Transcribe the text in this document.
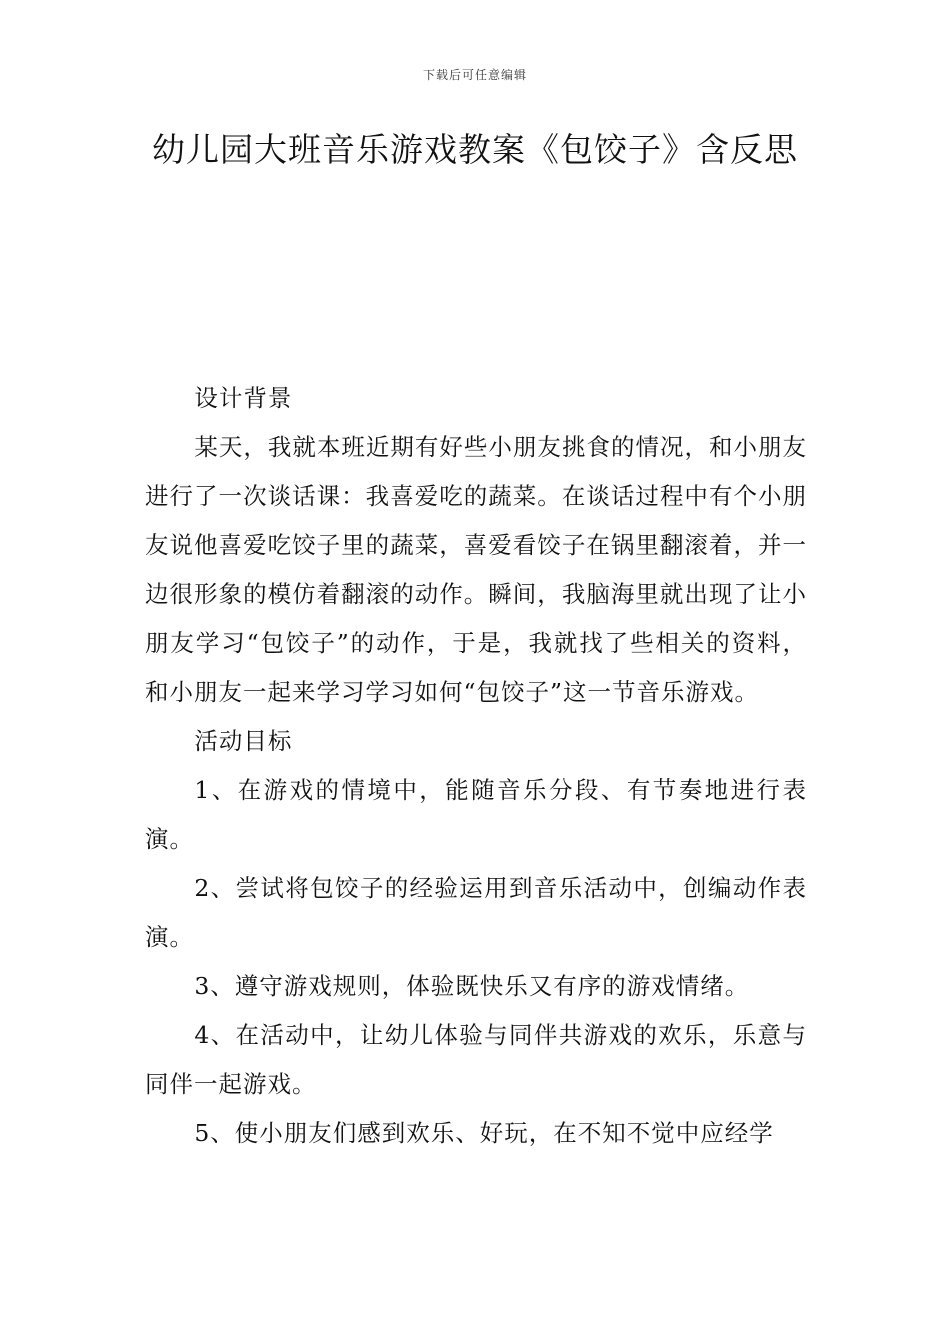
下载后可任意编辑
幼儿园大班音乐游戏教案《包饺子》含反思

设计背景

某天，我就本班近期有好些小朋友挑食的情况，和小朋友进行了一次谈话课：我喜爱吃的蔬菜。在谈话过程中有个小朋友说他喜爱吃饺子里的蔬菜，喜爱看饺子在锅里翻滚着，并一边很形象的模仿着翻滚的动作。瞬间，我脑海里就出现了让小朋友学习“包饺子”的动作，于是，我就找了些相关的资料，和小朋友一起来学习学习如何“包饺子”这一节音乐游戏。

活动目标

1、在游戏的情境中，能随音乐分段、有节奏地进行表演。

2、尝试将包饺子的经验运用到音乐活动中，创编动作表演。

3、遵守游戏规则，体验既快乐又有序的游戏情绪。

4、在活动中，让幼儿体验与同伴共游戏的欢乐，乐意与同伴一起游戏。

5、使小朋友们感到欢乐、好玩，在不知不觉中应经学
